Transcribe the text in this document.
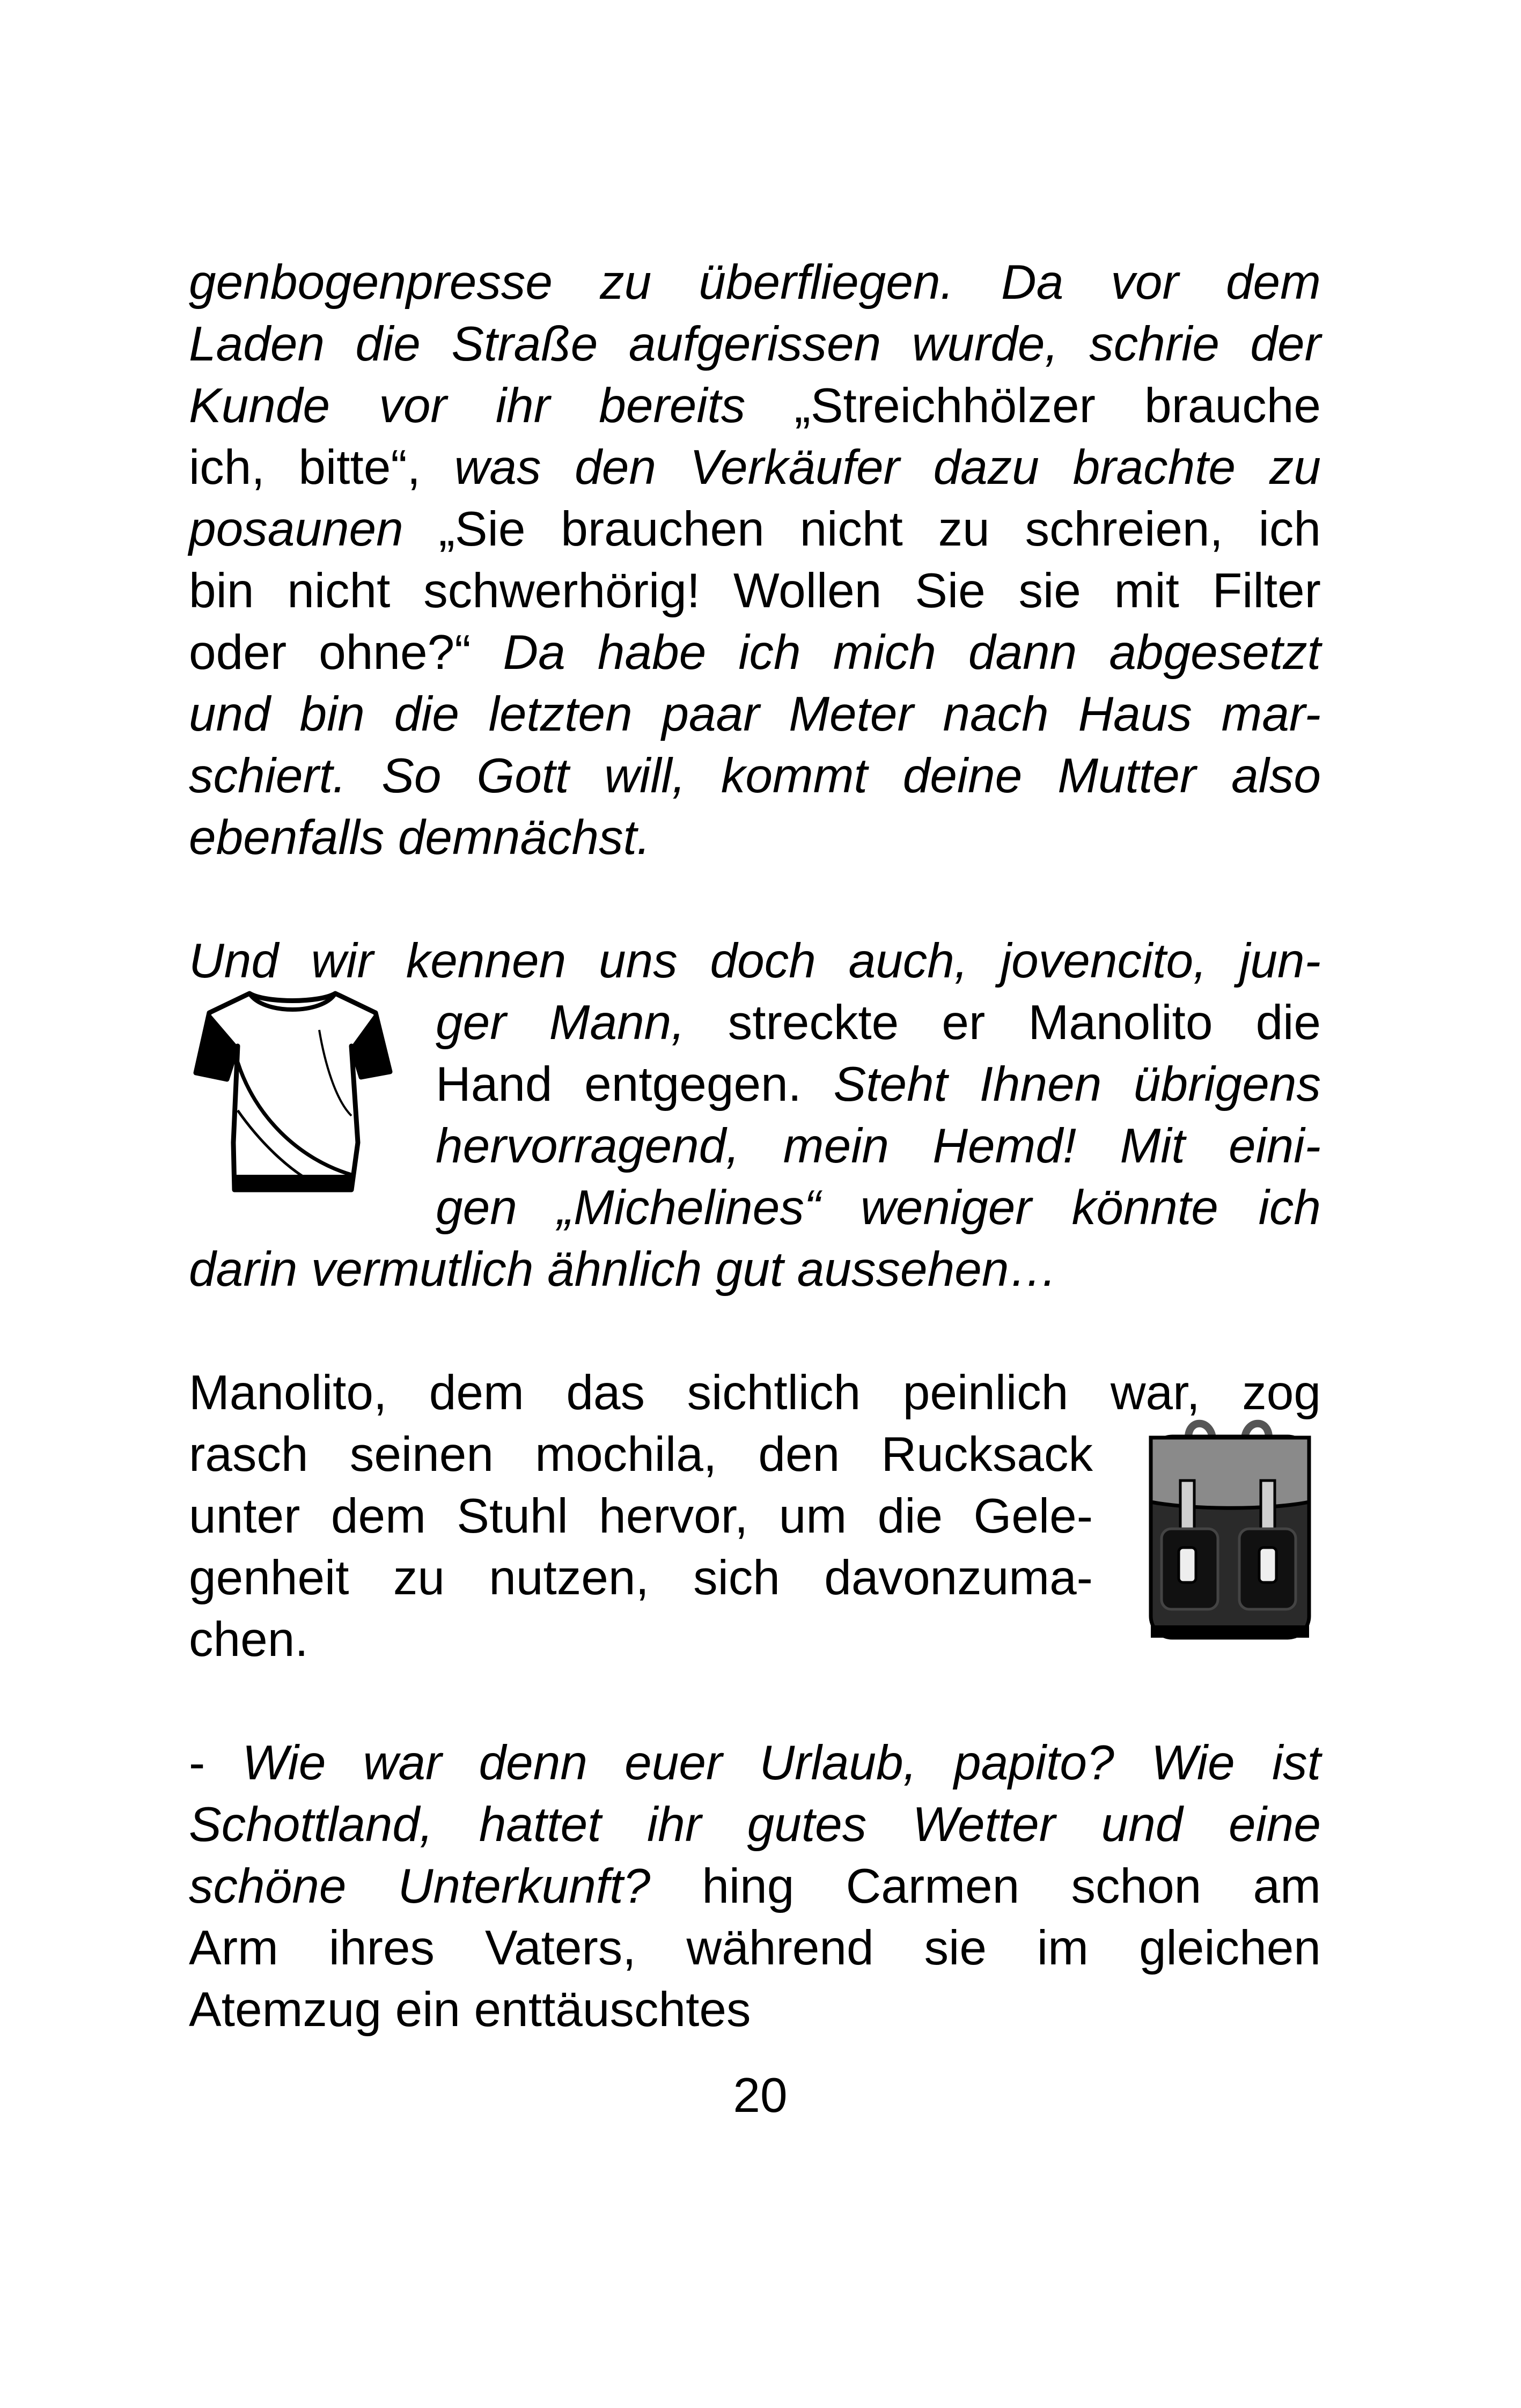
genbogenpresse zu überfliegen. Da vor dem
Laden die Straße aufgerissen wurde, schrie der
Kunde vor ihr bereits „Streichhölzer brauche
ich, bitte“, was den Verkäufer dazu brachte zu
posaunen „Sie brauchen nicht zu schreien, ich
bin nicht schwerhörig! Wollen Sie sie mit Filter
oder ohne?“ Da habe ich mich dann abgesetzt
und bin die letzten paar Meter nach Haus mar-
schiert. So Gott will, kommt deine Mutter also
ebenfalls demnächst.
Und wir kennen uns doch auch, jovencito, jun-
ger Mann, streckte er Manolito die
Hand entgegen. Steht Ihnen übrigens
hervorragend, mein Hemd! Mit eini-
gen „Michelines“ weniger könnte ich
darin vermutlich ähnlich gut aussehen…
Manolito, dem das sichtlich peinlich war, zog
rasch seinen mochila, den Rucksack
unter dem Stuhl hervor, um die Gele-
genheit zu nutzen, sich davonzuma-
chen.
- Wie war denn euer Urlaub, papito? Wie ist
Schottland, hattet ihr gutes Wetter und eine
schöne Unterkunft? hing Carmen schon am
Arm ihres Vaters, während sie im gleichen
Atemzug ein enttäuschtes
20
